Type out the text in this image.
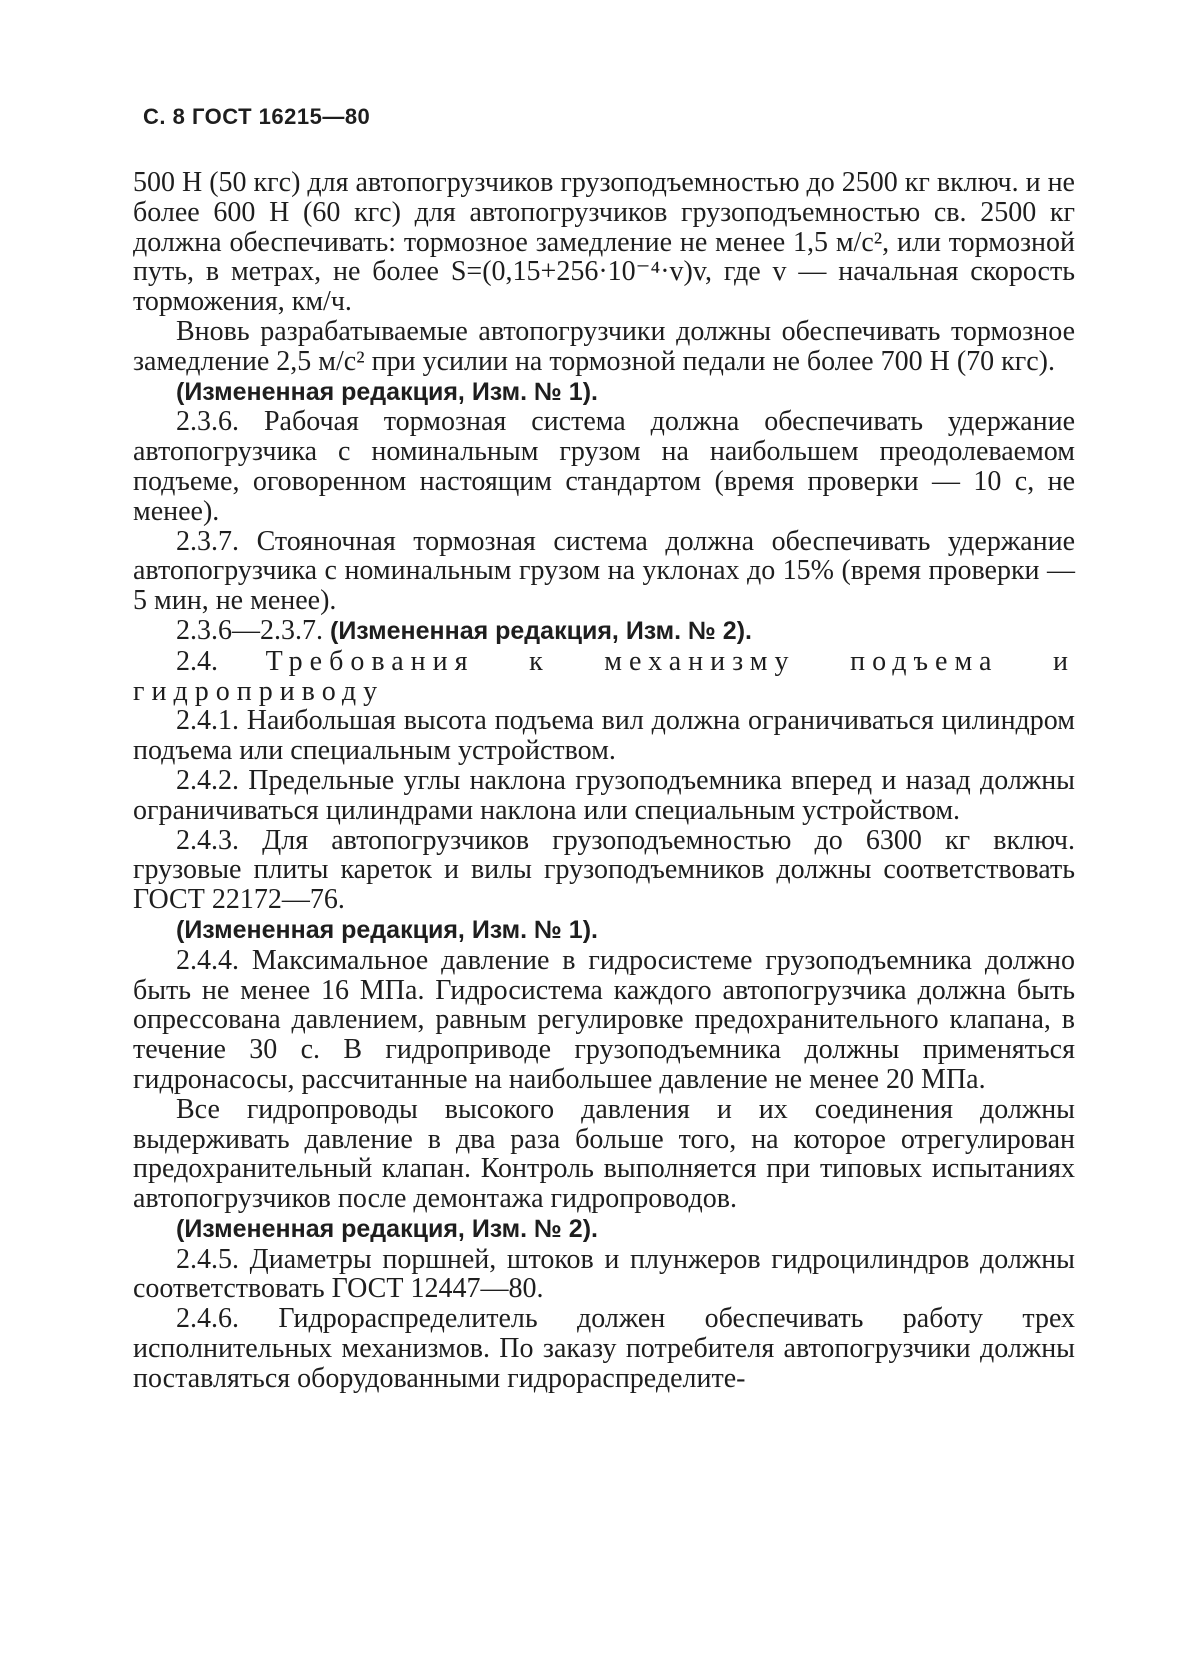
С. 8 ГОСТ 16215—80

500 Н (50 кгс) для автопогрузчиков грузоподъемностью до 2500 кг включ. и не более 600 Н (60 кгс) для автопогрузчиков грузоподъемностью св. 2500 кг должна обеспечивать: тормозное замедление не менее 1,5 м/с², или тормозной путь, в метрах, не более S=(0,15+256·10⁻⁴·v)v, где v — начальная скорость торможения, км/ч.

Вновь разрабатываемые автопогрузчики должны обеспечивать тормозное замедление 2,5 м/с² при усилии на тормозной педали не более 700 Н (70 кгс).

(Измененная редакция, Изм. № 1).

2.3.6. Рабочая тормозная система должна обеспечивать удержание автопогрузчика с номинальным грузом на наибольшем преодолеваемом подъеме, оговоренном настоящим стандартом (время проверки — 10 с, не менее).

2.3.7. Стояночная тормозная система должна обеспечивать удержание автопогрузчика с номинальным грузом на уклонах до 15% (время проверки — 5 мин, не менее).

2.3.6—2.3.7. (Измененная редакция, Изм. № 2).

2.4. Требования к механизму подъема и гидроприводу

2.4.1. Наибольшая высота подъема вил должна ограничиваться цилиндром подъема или специальным устройством.

2.4.2. Предельные углы наклона грузоподъемника вперед и назад должны ограничиваться цилиндрами наклона или специальным устройством.

2.4.3. Для автопогрузчиков грузоподъемностью до 6300 кг включ. грузовые плиты кареток и вилы грузоподъемников должны соответствовать ГОСТ 22172—76.

(Измененная редакция, Изм. № 1).

2.4.4. Максимальное давление в гидросистеме грузоподъемника должно быть не менее 16 МПа. Гидросистема каждого автопогрузчика должна быть опрессована давлением, равным регулировке предохранительного клапана, в течение 30 с. В гидроприводе грузоподъемника должны применяться гидронасосы, рассчитанные на наибольшее давление не менее 20 МПа.

Все гидропроводы высокого давления и их соединения должны выдерживать давление в два раза больше того, на которое отрегулирован предохранительный клапан. Контроль выполняется при типовых испытаниях автопогрузчиков после демонтажа гидропроводов.

(Измененная редакция, Изм. № 2).

2.4.5. Диаметры поршней, штоков и плунжеров гидроцилиндров должны соответствовать ГОСТ 12447—80.

2.4.6. Гидрораспределитель должен обеспечивать работу трех исполнительных механизмов. По заказу потребителя автопогрузчики должны поставляться оборудованными гидрораспределите-
